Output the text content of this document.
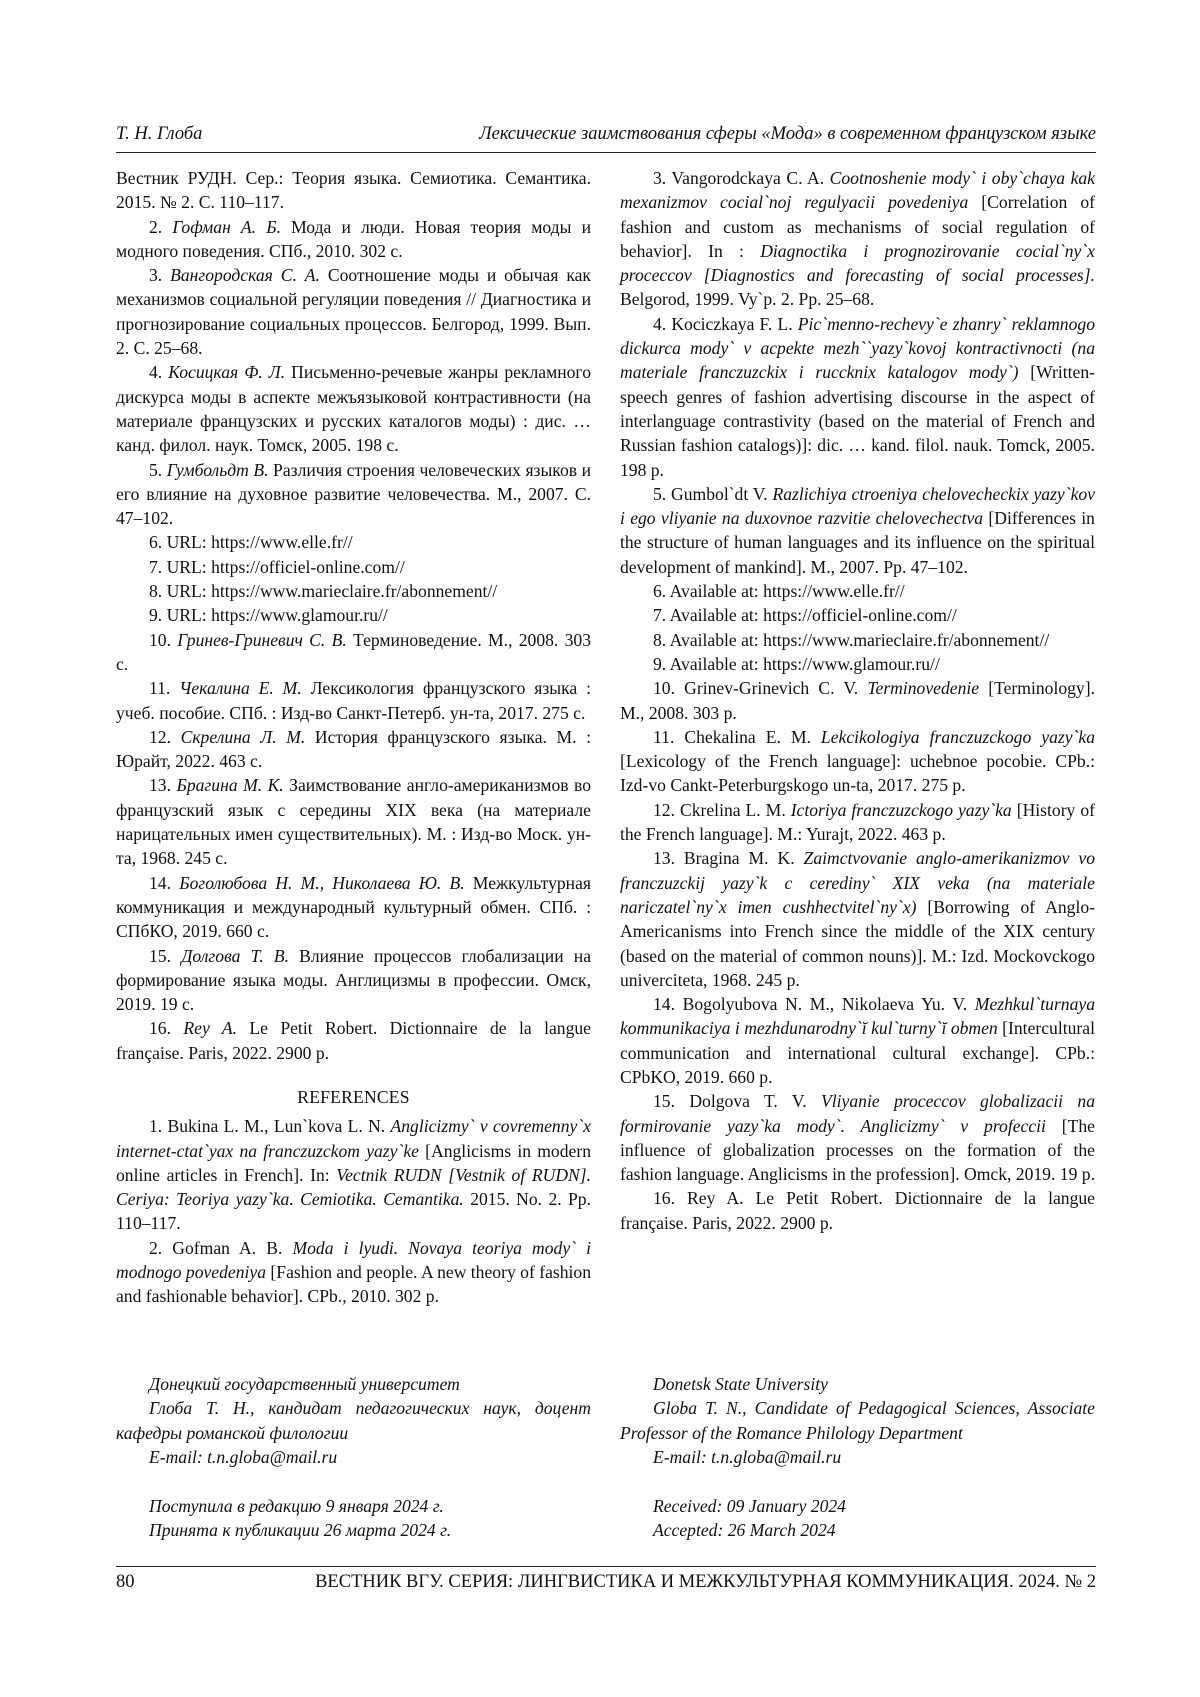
Т. Н. Глоба	Лексические заимствования сферы «Мода» в современном французском языке

Вестник РУДН. Сер.: Теория языка. Семиотика. Семантика. 2015. № 2. С. 110–117.

2. Гофман А. Б. Мода и люди. Новая теория моды и модного поведения. СПб., 2010. 302 с.

3. Вангородская С. А. Соотношение моды и обычая как механизмов социальной регуляции поведения // Диагностика и прогнозирование социальных процессов. Белгород, 1999. Вып. 2. С. 25–68.

4. Косицкая Ф. Л. Письменно-речевые жанры рекламного дискурса моды в аспекте межъязыковой контрастивности (на материале французских и русских каталогов моды) : дис. … канд. филол. наук. Томск, 2005. 198 с.

5. Гумбольдт В. Различия строения человеческих языков и его влияние на духовное развитие человечества. М., 2007. С. 47–102.

6. URL: https://www.elle.fr//

7. URL: https://officiel-online.com//

8. URL: https://www.marieclaire.fr/abonnement//

9. URL: https://www.glamour.ru//

10. Гринев-Гриневич С. В. Терминоведение. М., 2008. 303 с.

11. Чекалина Е. М. Лексикология французского языка : учеб. пособие. СПб. : Изд-во Санкт-Петерб. ун-та, 2017. 275 с.

12. Скрелина Л. М. История французского языка. М. : Юрайт, 2022. 463 с.

13. Брагина М. К. Заимствование англо-американизмов во французский язык с середины XIX века (на материале нарицательных имен существительных). М. : Изд-во Моск. ун-та, 1968. 245 с.

14. Боголюбова Н. М., Николаева Ю. В. Межкультурная коммуникация и международный культурный обмен. СПб. : СПбКО, 2019. 660 с.

15. Долгова Т. В. Влияние процессов глобализации на формирование языка моды. Англицизмы в профессии. Омск, 2019. 19 с.

16. Rey A. Le Petit Robert. Dictionnaire de la langue française. Paris, 2022. 2900 p.

REFERENCES

1. Bukina L. M., Lun`kova L. N. Anglicizmy` v covremenny`x internet-ctat`yax na franczuzckom yazy`ke [Anglicisms in modern online articles in French]. In: Vectnik RUDN [Vestnik of RUDN]. Ceriya: Teoriya yazy`ka. Cemiotika. Cemantika. 2015. No. 2. Pp. 110–117.

2. Gofman A. B. Moda i lyudi. Novaya teoriya mody` i modnogo povedeniya [Fashion and people. A new theory of fashion and fashionable behavior]. CPb., 2010. 302 p.

3. Vangorodckaya C. A. Cootnoshenie mody` i oby`chaya kak mexanizmov cocial`noj regulyacii povedeniya [Correlation of fashion and custom as mechanisms of social regulation of behavior]. In : Diagnoctika i prognozirovanie cocial`ny`x proceccov [Diagnostics and forecasting of social processes]. Belgorod, 1999. Vy`p. 2. Pp. 25–68.

4. Kociczkaya F. L. Pic`menno-rechevy`e zhanry` reklamnogo dickurca mody` v acpekte mezh``yazy`kovoj kontractivnocti (na materiale franczuzckix i ruccknix katalogov mody`) [Written-speech genres of fashion advertising discourse in the aspect of interlanguage contrastivity (based on the material of French and Russian fashion catalogs)]: dic. … kand. filol. nauk. Tomck, 2005. 198 p.

5. Gumbol`dt V. Razlichiya ctroeniya chelovecheckix yazy`kov i ego vliyanie na duxovnoe razvitie chelovechectva [Differences in the structure of human languages and its influence on the spiritual development of mankind]. M., 2007. Pp. 47–102.

6. Available at: https://www.elle.fr//

7. Available at: https://officiel-online.com//

8. Available at: https://www.marieclaire.fr/abonnement//

9. Available at: https://www.glamour.ru//

10. Grinev-Grinevich C. V. Terminovedenie [Terminology]. M., 2008. 303 p.

11. Chekalina E. M. Lekcikologiya franczuzckogo yazy`ka [Lexicology of the French language]: uchebnoe pocobie. CPb.: Izd-vo Cankt-Peterburgskogo un-ta, 2017. 275 p.

12. Ckrelina L. M. Ictoriya franczuzckogo yazy`ka [History of the French language]. M.: Yurajt, 2022. 463 p.

13. Bragina M. K. Zaimctvovanie anglo-amerikanizmov vo franczuzckij yazy`k c cerediny` XIX veka (na materiale nariczatel`ny`x imen cushhectvitel`ny`x) [Borrowing of Anglo-Americanisms into French since the middle of the XIX century (based on the material of common nouns)]. M.: Izd. Mockovckogo univerciteta, 1968. 245 p.

14. Bogolyubova N. M., Nikolaeva Yu. V. Mezhkul`turnaya kommunikaciya i mezhdunarodny`ĭ kul`turny`ĭ obmen [Intercultural communication and international cultural exchange]. CPb.: CPbKO, 2019. 660 p.

15. Dolgova T. V. Vliyanie proceccov globalizacii na formirovanie yazy`ka mody`. Anglicizmy` v profeccii [The influence of globalization processes on the formation of the fashion language. Anglicisms in the profession]. Omck, 2019. 19 p.

16. Rey A. Le Petit Robert. Dictionnaire de la langue française. Paris, 2022. 2900 p.

Донецкий государственный университет

Глоба Т. Н., кандидат педагогических наук, доцент кафедры романской филологии

E-mail: t.n.globa@mail.ru

Поступила в редакцию 9 января 2024 г.

Принята к публикации 26 марта 2024 г.

Donetsk State University

Globa T. N., Candidate of Pedagogical Sciences, Associate Professor of the Romance Philology Department

E-mail: t.n.globa@mail.ru

Received: 09 January 2024

Accepted: 26 March 2024

80	ВЕСТНИК ВГУ. СЕРИЯ: ЛИНГВИСТИКА И МЕЖКУЛЬТУРНАЯ КОММУНИКАЦИЯ. 2024. № 2
